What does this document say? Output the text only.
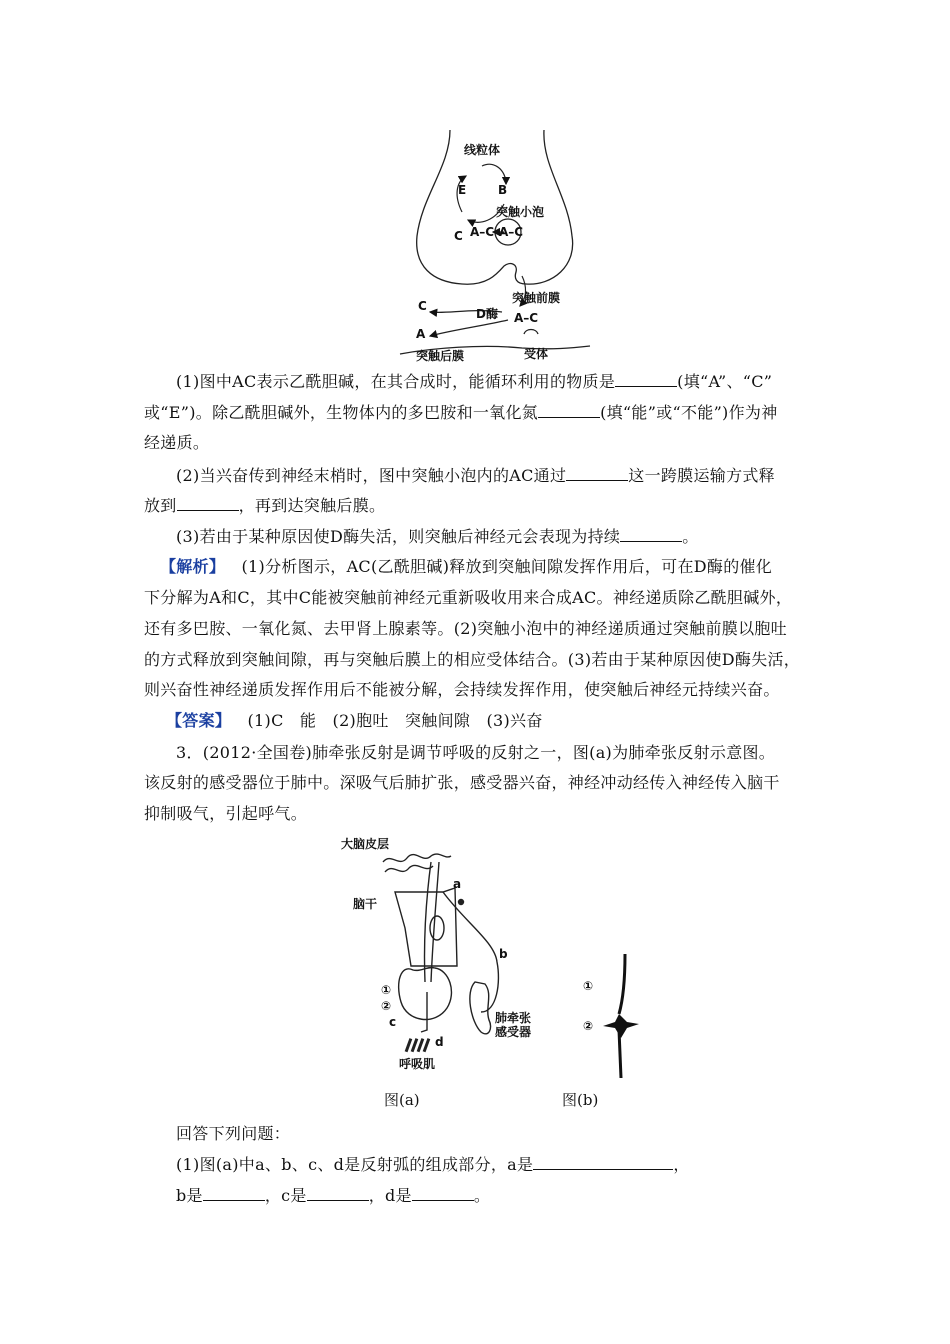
线粒体
E	B
突触小泡
C A–C A–C
C
D酶
A
A–C
突触前膜
突触后膜	受体
(1)图中AC表示乙酰胆碱，在其合成时，能循环利用的物质是	(填“A”、“C”
或“E”)。除乙酰胆碱外，生物体内的多巴胺和一氧化氮	(填“能”或“不能”)作为神
经递质。
(2)当兴奋传到神经末梢时，图中突触小泡内的AC通过	这一跨膜运输方式释
放到	，再到达突触后膜。
(3)若由于某种原因使D酶失活，则突触后神经元会表现为持续	。
【解析】  (1)分析图示，AC(乙酰胆碱)释放到突触间隙发挥作用后，可在D酶的催化
下分解为A和C，其中C能被突触前神经元重新吸收用来合成AC。神经递质除乙酰胆碱外，
还有多巴胺、一氧化氮、去甲肾上腺素等。(2)突触小泡中的神经递质通过突触前膜以胞吐
的方式释放到突触间隙，再与突触后膜上的相应受体结合。(3)若由于某种原因使D酶失活，
则兴奋性神经递质发挥作用后不能被分解，会持续发挥作用，使突触后神经元持续兴奋。
【答案】  (1)C　能　(2)胞吐　突触间隙　(3)兴奋
3．(2012·全国卷)肺牵张反射是调节呼吸的反射之一，图(a)为肺牵张反射示意图。
该反射的感受器位于肺中。深吸气后肺扩张，感受器兴奋，神经冲动经传入神经传入脑干
抑制吸气，引起呼气。
大脑皮层
脑干
a
b
c
d
①
②
肺牵张
感受器
呼吸肌
①
②
图(a)	图(b)
回答下列问题：
(1)图(a)中a、b、c、d是反射弧的组成部分，a是	，
b是	，c是	，d是	。
